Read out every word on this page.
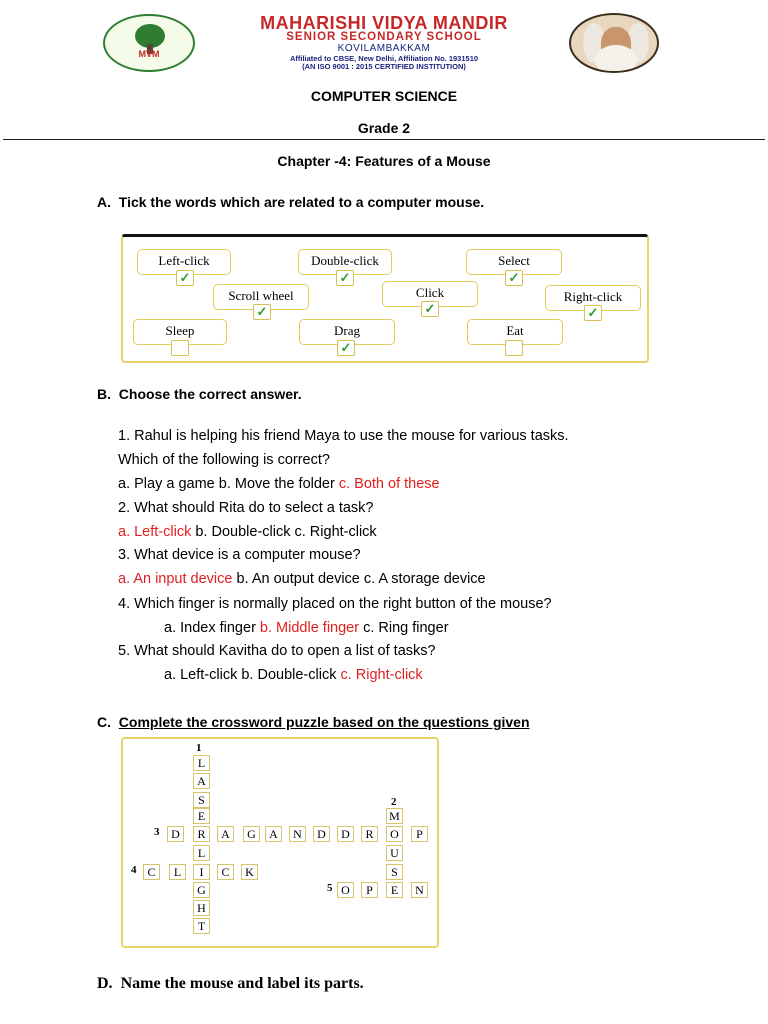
MVM
MAHARISHI VIDYA MANDIR
SENIOR SECONDARY SCHOOL
KOVILAMBAKKAM
Affiliated to CBSE, New Delhi, Affiliation No. 1931510
(AN ISO 9001 : 2015 CERTIFIED INSTITUTION)
COMPUTER SCIENCE
Grade 2
Chapter -4: Features of a Mouse
A. Tick the words which are related to a computer mouse.
Left-click
✓
Double-click
✓
Select
✓
Scroll wheel
✓
Click
✓
Right-click
✓
Sleep	Drag
✓
Eat
B. Choose the correct answer.
1. Rahul is helping his friend Maya to use the mouse for various tasks.
Which of the following is correct?
a. Play a game b. Move the folder c. Both of these
2. What should Rita do to select a task?
a. Left-click b. Double-click c. Right-click
3. What device is a computer mouse?
a. An input device b. An output device c. A storage device
4. Which finger is normally placed on the right button of the mouse?
a. Index finger b. Middle finger c. Ring finger
5. What should Kavitha do to open a list of tasks?
a. Left-click b. Double-click c. Right-click
C. Complete the crossword puzzle based on the questions given
1
2
3
4
5
L
A
S
E
R
L
I
G
H
T
D	A	G	A	N	D	D	R	O	P
M
U
S
C	L	C	K
O	P	E	N
D. Name the mouse and label its parts.
